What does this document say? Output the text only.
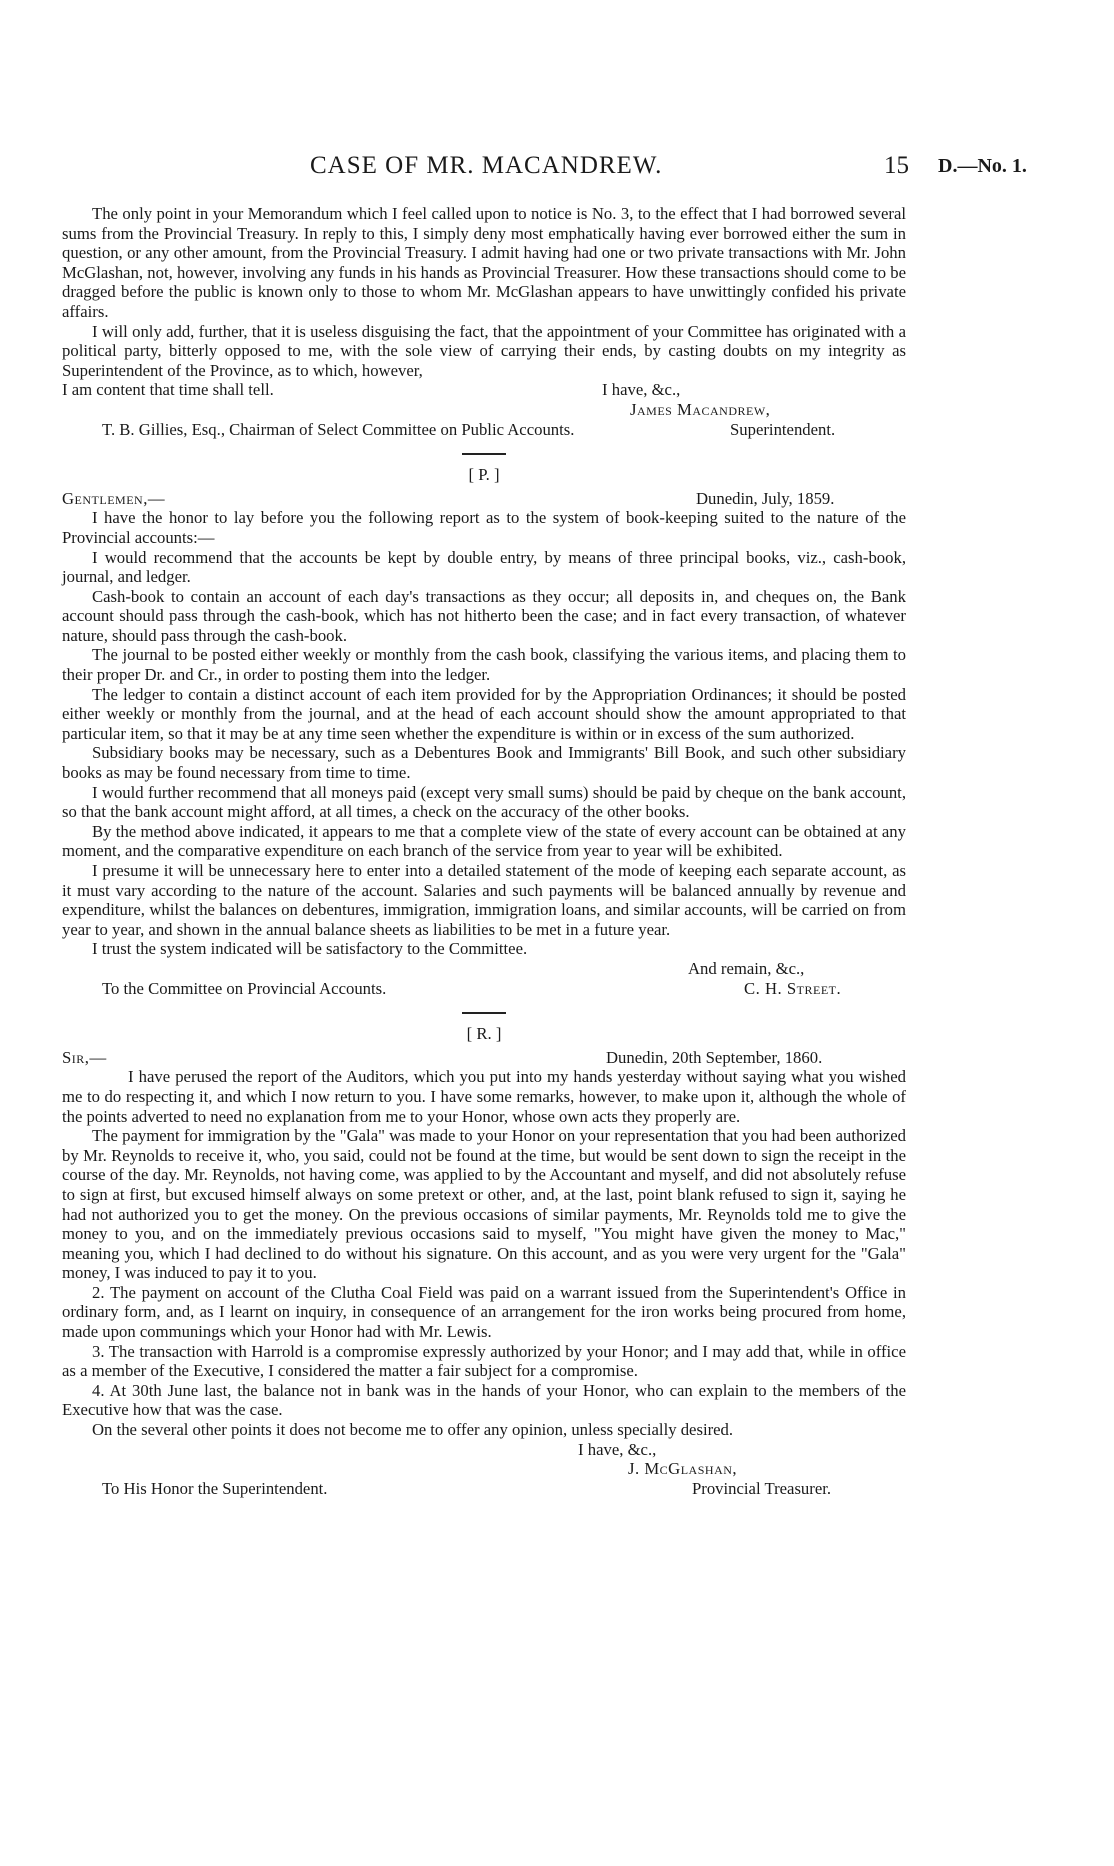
CASE OF MR. MACANDREW.	15 D.—No. 1.

The only point in your Memorandum which I feel called upon to notice is No. 3, to the effect that I had borrowed several sums from the Provincial Treasury. In reply to this, I simply deny most emphatically having ever borrowed either the sum in question, or any other amount, from the Provincial Treasury. I admit having had one or two private transactions with Mr. John McGlashan, not, however, involving any funds in his hands as Provincial Treasurer. How these transactions should come to be dragged before the public is known only to those to whom Mr. McGlashan appears to have unwittingly confided his private affairs.

I will only add, further, that it is useless disguising the fact, that the appointment of your Committee has originated with a political party, bitterly opposed to me, with the sole view of carrying their ends, by casting doubts on my integrity as Superintendent of the Province, as to which, however,

I am content that time shall tell.	I have, &c.,
James Macandrew,
T. B. Gillies, Esq., Chairman of Select Committee on Public Accounts.	Superintendent.
[ P. ]
Gentlemen,—	Dunedin, July, 1859.

I have the honor to lay before you the following report as to the system of book-keeping suited to the nature of the Provincial accounts:—

I would recommend that the accounts be kept by double entry, by means of three principal books, viz., cash-book, journal, and ledger.

Cash-book to contain an account of each day's transactions as they occur; all deposits in, and cheques on, the Bank account should pass through the cash-book, which has not hitherto been the case; and in fact every transaction, of whatever nature, should pass through the cash-book.

The journal to be posted either weekly or monthly from the cash book, classifying the various items, and placing them to their proper Dr. and Cr., in order to posting them into the ledger.

The ledger to contain a distinct account of each item provided for by the Appropriation Ordinances; it should be posted either weekly or monthly from the journal, and at the head of each account should show the amount appropriated to that particular item, so that it may be at any time seen whether the expenditure is within or in excess of the sum authorized.

Subsidiary books may be necessary, such as a Debentures Book and Immigrants' Bill Book, and such other subsidiary books as may be found necessary from time to time.

I would further recommend that all moneys paid (except very small sums) should be paid by cheque on the bank account, so that the bank account might afford, at all times, a check on the accuracy of the other books.

By the method above indicated, it appears to me that a complete view of the state of every account can be obtained at any moment, and the comparative expenditure on each branch of the service from year to year will be exhibited.

I presume it will be unnecessary here to enter into a detailed statement of the mode of keeping each separate account, as it must vary according to the nature of the account. Salaries and such payments will be balanced annually by revenue and expenditure, whilst the balances on debentures, immigration, immigration loans, and similar accounts, will be carried on from year to year, and shown in the annual balance sheets as liabilities to be met in a future year.

I trust the system indicated will be satisfactory to the Committee.

And remain, &c.,
To the Committee on Provincial Accounts.	C. H. Street.
[ R. ]
Sir,—	Dunedin, 20th September, 1860.

I have perused the report of the Auditors, which you put into my hands yesterday without saying what you wished me to do respecting it, and which I now return to you. I have some remarks, however, to make upon it, although the whole of the points adverted to need no explanation from me to your Honor, whose own acts they properly are.

The payment for immigration by the "Gala" was made to your Honor on your representation that you had been authorized by Mr. Reynolds to receive it, who, you said, could not be found at the time, but would be sent down to sign the receipt in the course of the day. Mr. Reynolds, not having come, was applied to by the Accountant and myself, and did not absolutely refuse to sign at first, but excused himself always on some pretext or other, and, at the last, point blank refused to sign it, saying he had not authorized you to get the money. On the previous occasions of similar payments, Mr. Reynolds told me to give the money to you, and on the immediately previous occasions said to myself, "You might have given the money to Mac," meaning you, which I had declined to do without his signature. On this account, and as you were very urgent for the "Gala" money, I was induced to pay it to you.

2. The payment on account of the Clutha Coal Field was paid on a warrant issued from the Superintendent's Office in ordinary form, and, as I learnt on inquiry, in consequence of an arrangement for the iron works being procured from home, made upon communings which your Honor had with Mr. Lewis.

3. The transaction with Harrold is a compromise expressly authorized by your Honor; and I may add that, while in office as a member of the Executive, I considered the matter a fair subject for a compromise.

4. At 30th June last, the balance not in bank was in the hands of your Honor, who can explain to the members of the Executive how that was the case.

On the several other points it does not become me to offer any opinion, unless specially desired.

I have, &c.,
J. McGlashan,
To His Honor the Superintendent.	Provincial Treasurer.
